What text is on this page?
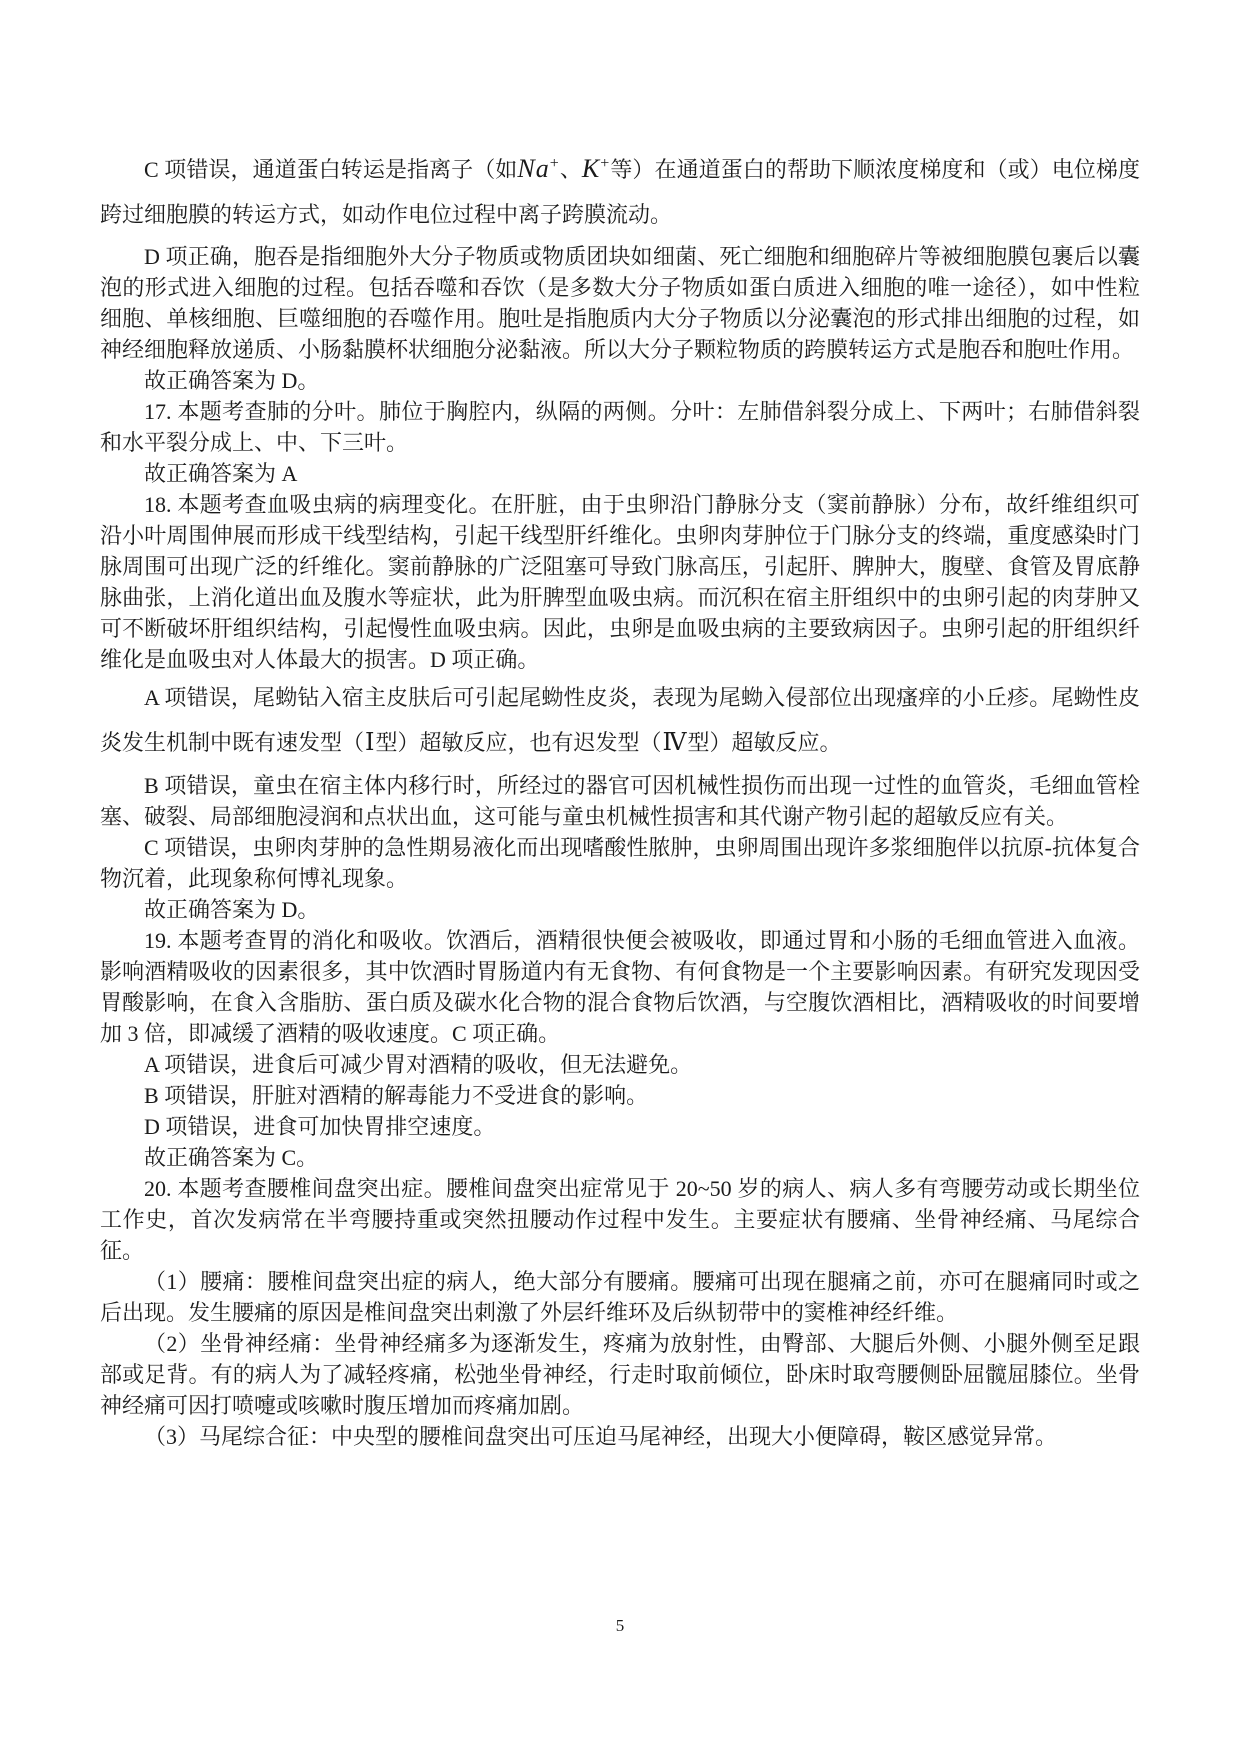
C 项错误，通道蛋白转运是指离子（如Na+、K+等）在通道蛋白的帮助下顺浓度梯度和（或）电位梯度跨过细胞膜的转运方式，如动作电位过程中离子跨膜流动。

D 项正确，胞吞是指细胞外大分子物质或物质团块如细菌、死亡细胞和细胞碎片等被细胞膜包裹后以囊泡的形式进入细胞的过程。包括吞噬和吞饮（是多数大分子物质如蛋白质进入细胞的唯一途径），如中性粒细胞、单核细胞、巨噬细胞的吞噬作用。胞吐是指胞质内大分子物质以分泌囊泡的形式排出细胞的过程，如神经细胞释放递质、小肠黏膜杯状细胞分泌黏液。所以大分子颗粒物质的跨膜转运方式是胞吞和胞吐作用。

故正确答案为 D。

17. 本题考查肺的分叶。肺位于胸腔内，纵隔的两侧。分叶：左肺借斜裂分成上、下两叶；右肺借斜裂和水平裂分成上、中、下三叶。

故正确答案为 A

18. 本题考查血吸虫病的病理变化。在肝脏，由于虫卵沿门静脉分支（窦前静脉）分布，故纤维组织可沿小叶周围伸展而形成干线型结构，引起干线型肝纤维化。虫卵肉芽肿位于门脉分支的终端，重度感染时门脉周围可出现广泛的纤维化。窦前静脉的广泛阻塞可导致门脉高压，引起肝、脾肿大，腹壁、食管及胃底静脉曲张，上消化道出血及腹水等症状，此为肝脾型血吸虫病。而沉积在宿主肝组织中的虫卵引起的肉芽肿又可不断破坏肝组织结构，引起慢性血吸虫病。因此，虫卵是血吸虫病的主要致病因子。虫卵引起的肝组织纤维化是血吸虫对人体最大的损害。D 项正确。

A 项错误，尾蚴钻入宿主皮肤后可引起尾蚴性皮炎，表现为尾蚴入侵部位出现瘙痒的小丘疹。尾蚴性皮炎发生机制中既有速发型（Ⅰ型）超敏反应，也有迟发型（Ⅳ型）超敏反应。

B 项错误，童虫在宿主体内移行时，所经过的器官可因机械性损伤而出现一过性的血管炎，毛细血管栓塞、破裂、局部细胞浸润和点状出血，这可能与童虫机械性损害和其代谢产物引起的超敏反应有关。

C 项错误，虫卵肉芽肿的急性期易液化而出现嗜酸性脓肿，虫卵周围出现许多浆细胞伴以抗原-抗体复合物沉着，此现象称何博礼现象。

故正确答案为 D。

19. 本题考查胃的消化和吸收。饮酒后，酒精很快便会被吸收，即通过胃和小肠的毛细血管进入血液。影响酒精吸收的因素很多，其中饮酒时胃肠道内有无食物、有何食物是一个主要影响因素。有研究发现因受胃酸影响，在食入含脂肪、蛋白质及碳水化合物的混合食物后饮酒，与空腹饮酒相比，酒精吸收的时间要增加 3 倍，即减缓了酒精的吸收速度。C 项正确。

A 项错误，进食后可减少胃对酒精的吸收，但无法避免。

B 项错误，肝脏对酒精的解毒能力不受进食的影响。

D 项错误，进食可加快胃排空速度。

故正确答案为 C。

20. 本题考查腰椎间盘突出症。腰椎间盘突出症常见于 20~50 岁的病人、病人多有弯腰劳动或长期坐位工作史，首次发病常在半弯腰持重或突然扭腰动作过程中发生。主要症状有腰痛、坐骨神经痛、马尾综合征。

（1）腰痛：腰椎间盘突出症的病人，绝大部分有腰痛。腰痛可出现在腿痛之前，亦可在腿痛同时或之后出现。发生腰痛的原因是椎间盘突出刺激了外层纤维环及后纵韧带中的窦椎神经纤维。

（2）坐骨神经痛：坐骨神经痛多为逐渐发生，疼痛为放射性，由臀部、大腿后外侧、小腿外侧至足跟部或足背。有的病人为了减轻疼痛，松弛坐骨神经，行走时取前倾位，卧床时取弯腰侧卧屈髋屈膝位。坐骨神经痛可因打喷嚏或咳嗽时腹压增加而疼痛加剧。

（3）马尾综合征：中央型的腰椎间盘突出可压迫马尾神经，出现大小便障碍，鞍区感觉异常。

5
